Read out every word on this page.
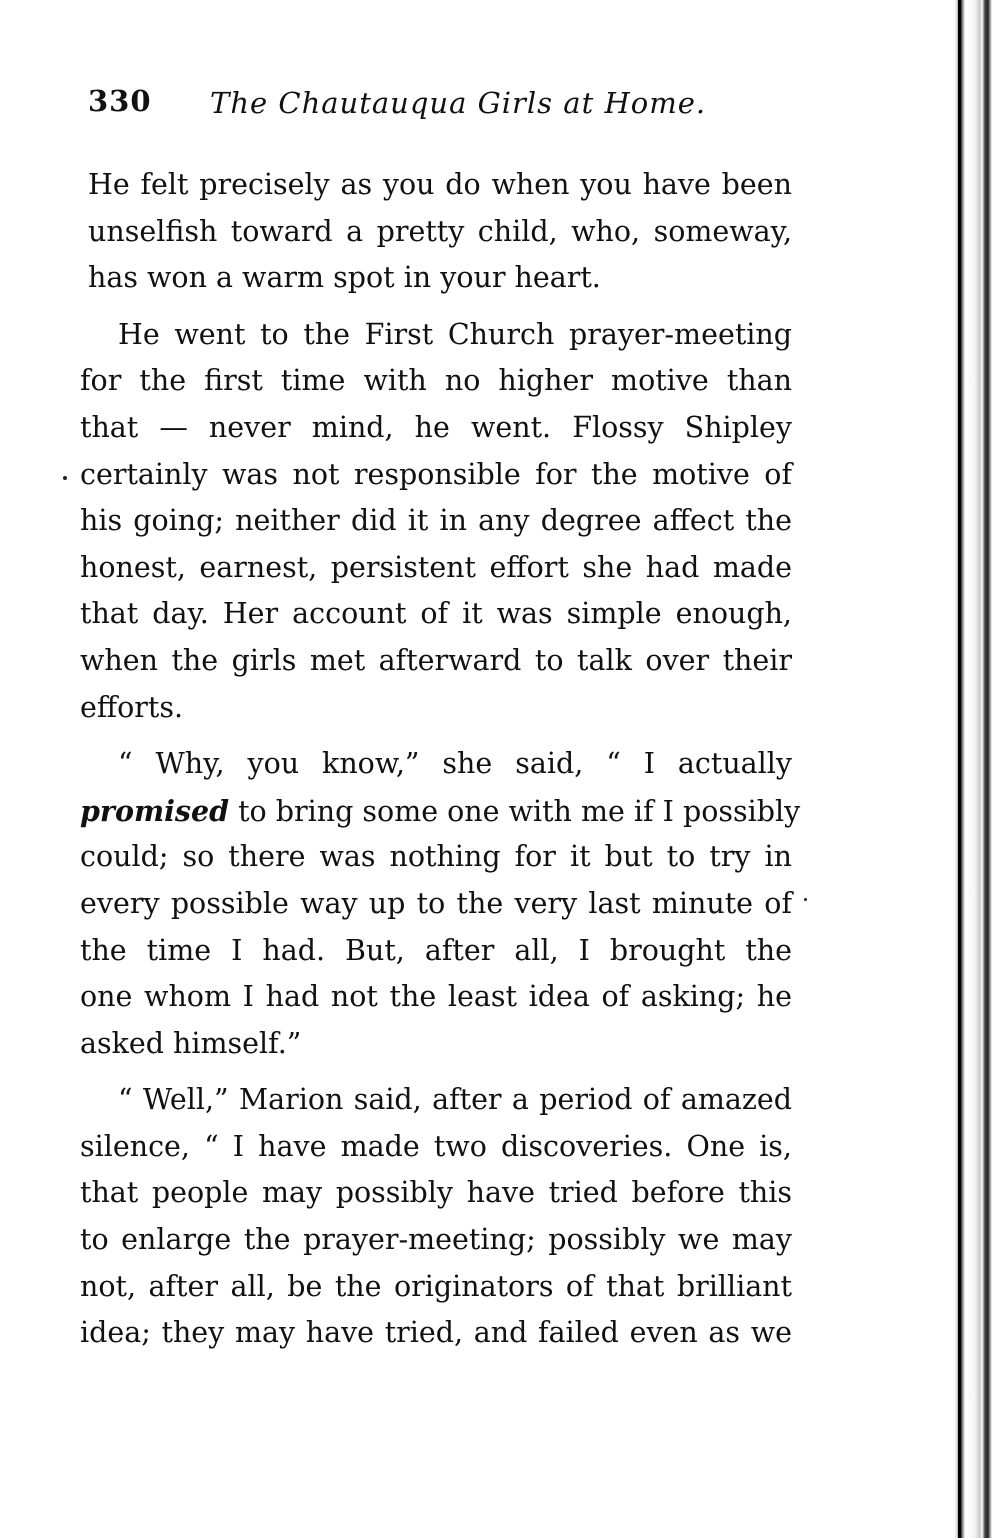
330 The Chautauqua Girls at Home.

He felt precisely as you do when you have been
unselfish toward a pretty child, who, someway,
has won a warm spot in your heart.

He went to the First Church prayer-meeting
for the first time with no higher motive than
that — never mind, he went. Flossy Shipley
certainly was not responsible for the motive of
his going; neither did it in any degree affect the
honest, earnest, persistent effort she had made
that day. Her account of it was simple enough,
when the girls met afterward to talk over their
efforts.

“ Why, you know,” she said, “ I actually
promised to bring some one with me if I possibly
could; so there was nothing for it but to try in
every possible way up to the very last minute of
the time I had. But, after all, I brought the
one whom I had not the least idea of asking; he
asked himself.”

“ Well,” Marion said, after a period of amazed
silence, “ I have made two discoveries. One is,
that people may possibly have tried before this
to enlarge the prayer-meeting; possibly we may
not, after all, be the originators of that brilliant
idea; they may have tried, and failed even as we
